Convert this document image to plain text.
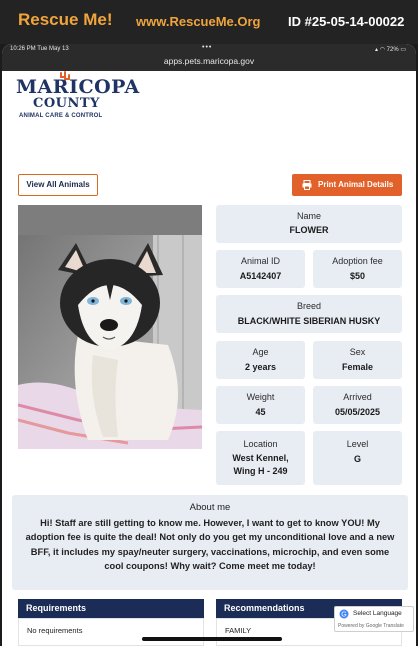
Rescue Me! www.RescueMe.Org ID #25-05-14-00022
10:26 PM Tue May 13	•••	▴ ◠ 72% ▭
apps.pets.maricopa.gov
MARICOPA
COUNTY
ANIMAL CARE & CONTROL
View All Animals	Print Animal Details
Name
FLOWER
Animal ID
A5142407
Adoption fee
$50
Breed
BLACK/WHITE SIBERIAN HUSKY
Age
2 years
Sex
Female
Weight
45
Arrived
05/05/2025
Location
West Kennel,
Wing H - 249
Level
G
About me
Hi! Staff are still getting to know me. However, I want to get to know YOU! My adoption fee is quite the deal! Not only do you get my unconditional love and a new BFF, it includes my spay/neuter surgery, vaccinations, microchip, and even some cool coupons! Why wait? Come meet me today!
Requirements
No requirements
Recommendations
FAMILY
G Select Language
Powered by Google Translate
